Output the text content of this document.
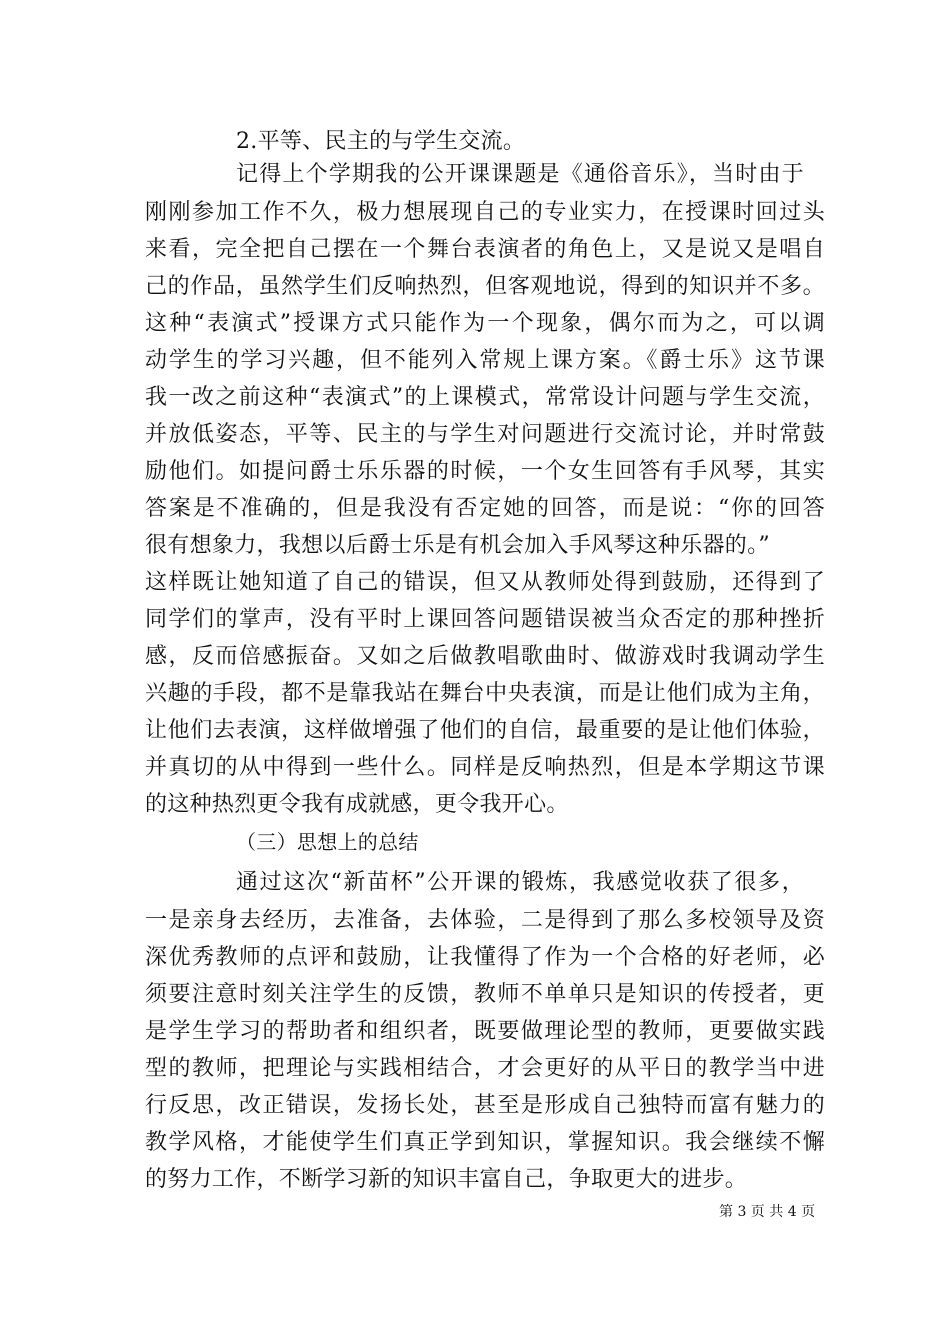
2.平等、民主的与学生交流。
记得上个学期我的公开课课题是《通俗音乐》，当时由于
刚刚参加工作不久，极力想展现自己的专业实力，在授课时回过头
来看，完全把自己摆在一个舞台表演者的角色上，又是说又是唱自
己的作品，虽然学生们反响热烈，但客观地说，得到的知识并不多。
这种“表演式”授课方式只能作为一个现象，偶尔而为之，可以调
动学生的学习兴趣，但不能列入常规上课方案。《爵士乐》这节课
我一改之前这种“表演式”的上课模式，常常设计问题与学生交流，
并放低姿态，平等、民主的与学生对问题进行交流讨论，并时常鼓
励他们。如提问爵士乐乐器的时候，一个女生回答有手风琴，其实
答案是不准确的，但是我没有否定她的回答，而是说：“你的回答
很有想象力，我想以后爵士乐是有机会加入手风琴这种乐器的。”
这样既让她知道了自己的错误，但又从教师处得到鼓励，还得到了
同学们的掌声，没有平时上课回答问题错误被当众否定的那种挫折
感，反而倍感振奋。又如之后做教唱歌曲时、做游戏时我调动学生
兴趣的手段，都不是靠我站在舞台中央表演，而是让他们成为主角，
让他们去表演，这样做增强了他们的自信，最重要的是让他们体验，
并真切的从中得到一些什么。同样是反响热烈，但是本学期这节课
的这种热烈更令我有成就感，更令我开心。
（三）思想上的总结
通过这次“新苗杯”公开课的锻炼，我感觉收获了很多，
一是亲身去经历，去准备，去体验，二是得到了那么多校领导及资
深优秀教师的点评和鼓励，让我懂得了作为一个合格的好老师，必
须要注意时刻关注学生的反馈，教师不单单只是知识的传授者，更
是学生学习的帮助者和组织者，既要做理论型的教师，更要做实践
型的教师，把理论与实践相结合，才会更好的从平日的教学当中进
行反思，改正错误，发扬长处，甚至是形成自己独特而富有魅力的
教学风格，才能使学生们真正学到知识，掌握知识。我会继续不懈
的努力工作，不断学习新的知识丰富自己，争取更大的进步。
第 3 页 共 4 页
